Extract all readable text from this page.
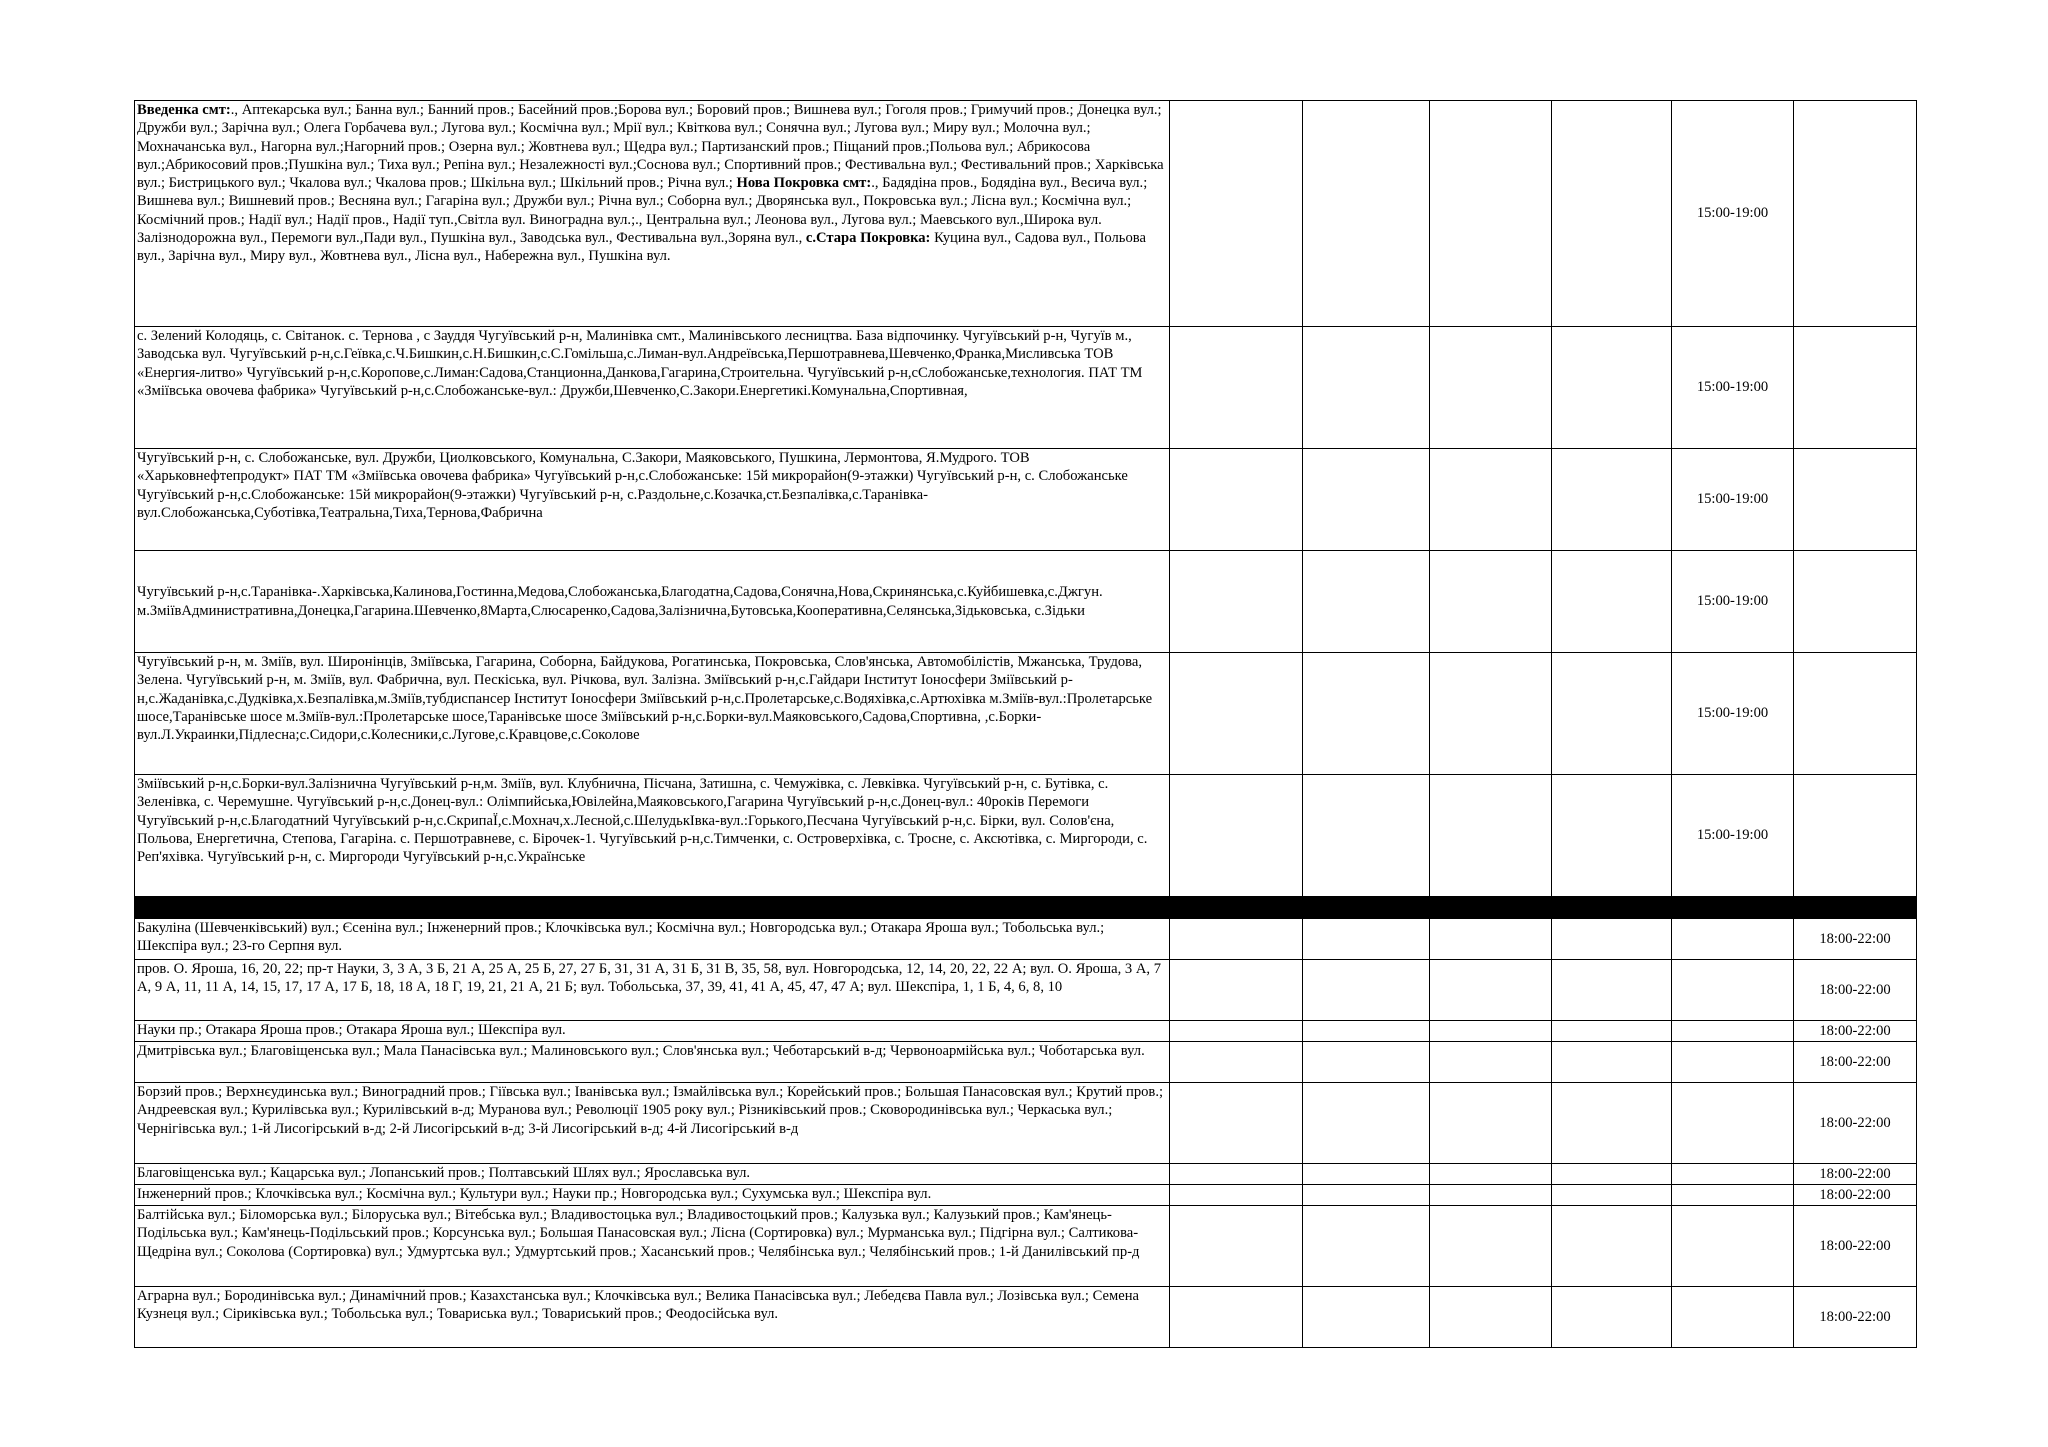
Введенка смт:., Аптекарська вул.; Банна вул.; Банний пров.; Басейний пров.;Борова вул.; Боровий пров.; Вишнева вул.; Гоголя пров.; Гримучий пров.; Донецка вул.; Дружби вул.; Зарічна вул.; Олега Горбачева вул.; Лугова вул.; Космічна вул.; Мрії вул.; Квіткова вул.; Сонячна вул.; Лугова вул.; Миру вул.; Молочна вул.; Мохначанська вул., Нагорна вул.;Нагорний пров.; Озерна вул.; Жовтнева вул.; Щедра вул.; Партизанский пров.; Піщаний пров.;Польова вул.; Абрикосова вул.;Абрикосовий пров.;Пушкіна вул.; Тиха вул.; Репіна вул.; Незалежності вул.;Соснова вул.; Спортивний пров.; Фестивальна вул.; Фестивальний пров.; Харківська вул.; Бистрицького вул.; Чкалова вул.; Чкалова пров.; Шкільна вул.; Шкільний пров.; Річна вул.; Нова Покровка смт:., Бадядіна пров., Бодядіна вул., Весича вул.; Вишнева вул.; Вишневий пров.; Весняна вул.; Гагаріна вул.; Дружби вул.; Річна вул.; Соборна вул.; Дворянська вул., Покровська вул.; Лісна вул.; Космічна вул.; Космічний пров.; Надії вул.; Надії пров., Надії туп.,Світла вул. Виноградна вул.;., Центральна вул.; Леонова вул., Лугова вул.; Маевського вул.,Широка вул. Залізнодорожна вул., Перемоги вул.,Пади вул., Пушкіна вул., Заводська вул., Фестивальна вул.,Зоряна вул., с.Стара Покровка: Куцина вул., Садова вул., Польова вул., Зарічна вул., Миру вул., Жовтнева вул., Лісна вул., Набережна вул., Пушкіна вул.					15:00-19:00	
с. Зелений Колодяць, с. Світанок. с. Тернова , с Зауддя Чугуївський р-н, Малинівка смт., Малинівського лесництва. База відпочинку. Чугуївський р-н, Чугуїв м., Заводська вул. Чугуївський р-н,с.Геївка,с.Ч.Бишкин,с.Н.Бишкин,с.С.Гомільша,с.Лиман-вул.Андреївська,Першотравнева,Шевченко,Франка,Мисливська ТОВ «Енергия-литво» Чугуївський р-н,с.Коропове,с.Лиман:Садова,Станционна,Данкова,Гагарина,Строительна. Чугуївський р-н,сСлобожанське,технология. ПАТ ТМ «Зміївська овочева фабрика» Чугуївський р-н,с.Слобожанське-вул.: Дружби,Шевченко,С.Закори.Енергетикі.Комунальна,Спортивная,					15:00-19:00	
Чугуївський р-н, с. Слобожанське, вул. Дружби, Циолковського, Комунальна, С.Закори, Маяковського, Пушкина, Лермонтова, Я.Мудрого. ТОВ «Харьковнефтепродукт» ПАТ ТМ «Зміївська овочева фабрика» Чугуївський р-н,с.Слобожанське: 15й микрорайон(9-этажки) Чугуївський р-н, с. Слобожанське Чугуївський р-н,с.Слобожанське: 15й микрорайон(9-этажки) Чугуївський р-н, с.Раздольне,с.Козачка,ст.Безпалівка,с.Таранівка-вул.Слобожанська,Суботівка,Театральна,Тиха,Тернова,Фабрична					15:00-19:00	
Чугуївський р-н,с.Таранівка-.Харківська,Калинова,Гостинна,Медова,Слобожанська,Благодатна,Садова,Сонячна,Нова,Скринянська,с.Куйбишевка,с.Джгун. м.ЗміївАдминистративна,Донецка,Гагарина.Шевченко,8Марта,Слюсаренко,Садова,Залізнична,Бутовська,Кооперативна,Селянська,Зідьковська, с.Зідьки					15:00-19:00	
Чугуївський р-н, м. Зміїв, вул. Широнінців, Зміївська, Гагарина, Соборна, Байдукова, Рогатинська, Покровська, Слов'янська, Автомобілістів, Мжанська, Трудова, Зелена. Чугуївський р-н, м. Зміїв, вул. Фабрична, вул. Пескіська, вул. Річкова, вул. Залізна. Зміївський р-н,с.Гайдари Інститут Іоносфери Зміївський р-н,с.Жаданівка,с.Дудківка,х.Безпалівка,м.Зміїв,тубдиспансер Інститут Іоносфери Зміївський р-н,с.Пролетарське,с.Водяхівка,с.Артюхівка м.Зміїв-вул.:Пролетарське шосе,Таранівське шосе м.Зміїв-вул.:Пролетарське шосе,Таранівське шосе Зміївський р-н,с.Борки-вул.Маяковського,Садова,Спортивна, ,с.Борки-вул.Л.Украинки,Підлесна;с.Сидори,с.Колесники,с.Лугове,с.Кравцове,с.Соколове					15:00-19:00	
Зміївський р-н,с.Борки-вул.Залізнична Чугуївський р-н,м. Зміїв, вул. Клубнична, Пісчана, Затишна, с. Чемужівка, с. Левківка. Чугуївський р-н, с. Бутівка, с. Зеленівка, с. Черемушне. Чугуївський р-н,с.Донец-вул.: Олімпийська,Ювілейна,Маяковського,Гагарина Чугуївський р-н,с.Донец-вул.: 40років Перемоги Чугуївський р-н,с.Благодатний Чугуївський р-н,с.СкрипаЇ,с.Мохнач,х.Лесной,с.ШелудькІвка-вул.:Горького,Песчана Чугуївський р-н,с. Бірки, вул. Солов'єна, Польова, Енергетична, Степова, Гагаріна. с. Першотравневе, с. Бірочек-1. Чугуївський р-н,с.Тимченки, с. Островерхівка, с. Тросне, с. Аксютівка, с. Миргороди, с. Реп'яхівка. Чугуївський р-н, с. Миргороди Чугуївський р-н,с.Українське					15:00-19:00	

Бакуліна (Шевченківський) вул.; Єсеніна вул.; Інженерний пров.; Клочківська вул.; Космічна вул.; Новгородська вул.; Отакара Яроша вул.; Тобольська вул.; Шекспіра вул.; 23-го Серпня вул.						18:00-22:00
пров. О. Яроша, 16, 20, 22; пр-т Науки, 3, 3 А, 3 Б, 21 А, 25 А, 25 Б, 27, 27 Б, 31, 31 А, 31 Б, 31 В, 35, 58, вул. Новгородська, 12, 14, 20, 22, 22 А; вул. О. Яроша, 3 А, 7 А, 9 А, 11, 11 А, 14, 15, 17, 17 А, 17 Б, 18, 18 А, 18 Г, 19, 21, 21 А, 21 Б; вул. Тобольська, 37, 39, 41, 41 А, 45, 47, 47 А; вул. Шекспіра, 1, 1 Б, 4, 6, 8, 10						18:00-22:00
Науки пр.; Отакара Яроша пров.; Отакара Яроша вул.; Шекспіра вул.						18:00-22:00
Дмитрівська вул.; Благовіщенська вул.; Мала Панасівська вул.; Малиновського вул.; Слов'янська вул.; Чеботарський в-д; Червоноармійська вул.; Чоботарська вул.						18:00-22:00
Борзий пров.; Верхнєудинська вул.; Виноградний пров.; Гіївська вул.; Іванівська вул.; Ізмайлівська вул.; Корейський пров.; Большая Панасовская вул.; Крутий пров.; Андреевская вул.; Курилівська вул.; Курилівський в-д; Муранова вул.; Революції 1905 року вул.; Різниківський пров.; Сковородинівська вул.; Черкаська вул.; Чернігівська вул.; 1-й Лисогірський в-д; 2-й Лисогірський в-д; 3-й Лисогірський в-д; 4-й Лисогірський в-д						18:00-22:00
Благовіщенська вул.; Кацарська вул.; Лопанський пров.; Полтавський Шлях вул.; Ярославська вул.						18:00-22:00
Інженерний пров.; Клочківська вул.; Космічна вул.; Культури вул.; Науки пр.; Новгородська вул.; Сухумська вул.; Шекспіра вул.						18:00-22:00
Балтійська вул.; Біломорська вул.; Білоруська вул.; Вітебська вул.; Владивостоцька вул.; Владивостоцький пров.; Калузька вул.; Калузький пров.; Кам'янець-Подільська вул.; Кам'янець-Подільський пров.; Корсунська вул.; Большая Панасовская вул.; Лісна (Сортировка) вул.; Мурманська вул.; Підгірна вул.; Салтикова-Щедріна вул.; Соколова (Сортировка) вул.; Удмуртська вул.; Удмуртський пров.; Хасанський пров.; Челябінська вул.; Челябінський пров.; 1-й Данилівський пр-д						18:00-22:00
Аграрна вул.; Бородинівська вул.; Динамічний пров.; Казахстанська вул.; Клочківська вул.; Велика Панасівська вул.; Лебедєва Павла вул.; Лозівська вул.; Семена Кузнеця вул.; Сіриківська вул.; Тобольська вул.; Товариська вул.; Товариський пров.; Феодосійська вул.						18:00-22:00
